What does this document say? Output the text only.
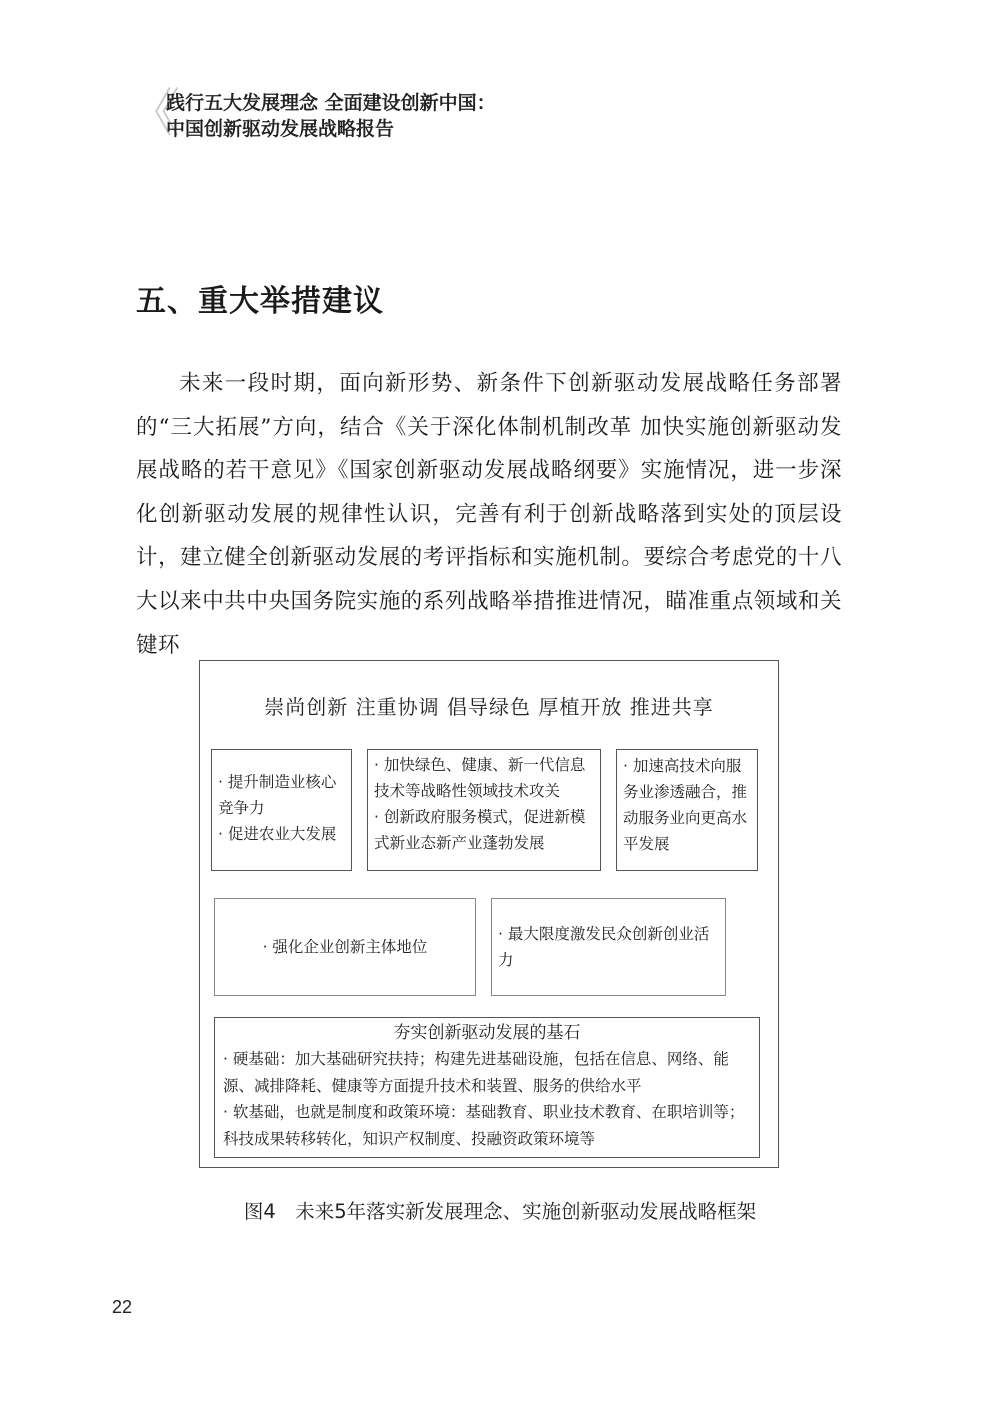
《
践行五大发展理念 全面建设创新中国：
中国创新驱动发展战略报告
五、重大举措建议

未来一段时期，面向新形势、新条件下创新驱动发展战略任务部署的“三大拓展”方向，结合《关于深化体制机制改革 加快实施创新驱动发展战略的若干意见》《国家创新驱动发展战略纲要》实施情况，进一步深化创新驱动发展的规律性认识，完善有利于创新战略落到实处的顶层设计，建立健全创新驱动发展的考评指标和实施机制。要综合考虑党的十八大以来中共中央国务院实施的系列战略举措推进情况，瞄准重点领域和关键环

崇尚创新 注重协调 倡导绿色 厚植开放 推进共享
· 提升制造业核心竞争力
· 促进农业大发展
· 加快绿色、健康、新一代信息技术等战略性领域技术攻关
· 创新政府服务模式，促进新模式新业态新产业蓬勃发展
· 加速高技术向服务业渗透融合，推动服务业向更高水平发展
· 强化企业创新主体地位
· 最大限度激发民众创新创业活力
夯实创新驱动发展的基石
· 硬基础：加大基础研究扶持；构建先进基础设施，包括在信息、网络、能源、减排降耗、健康等方面提升技术和装置、服务的供给水平
· 软基础，也就是制度和政策环境：基础教育、职业技术教育、在职培训等；科技成果转移转化，知识产权制度、投融资政策环境等
图4　未来5年落实新发展理念、实施创新驱动发展战略框架
22
